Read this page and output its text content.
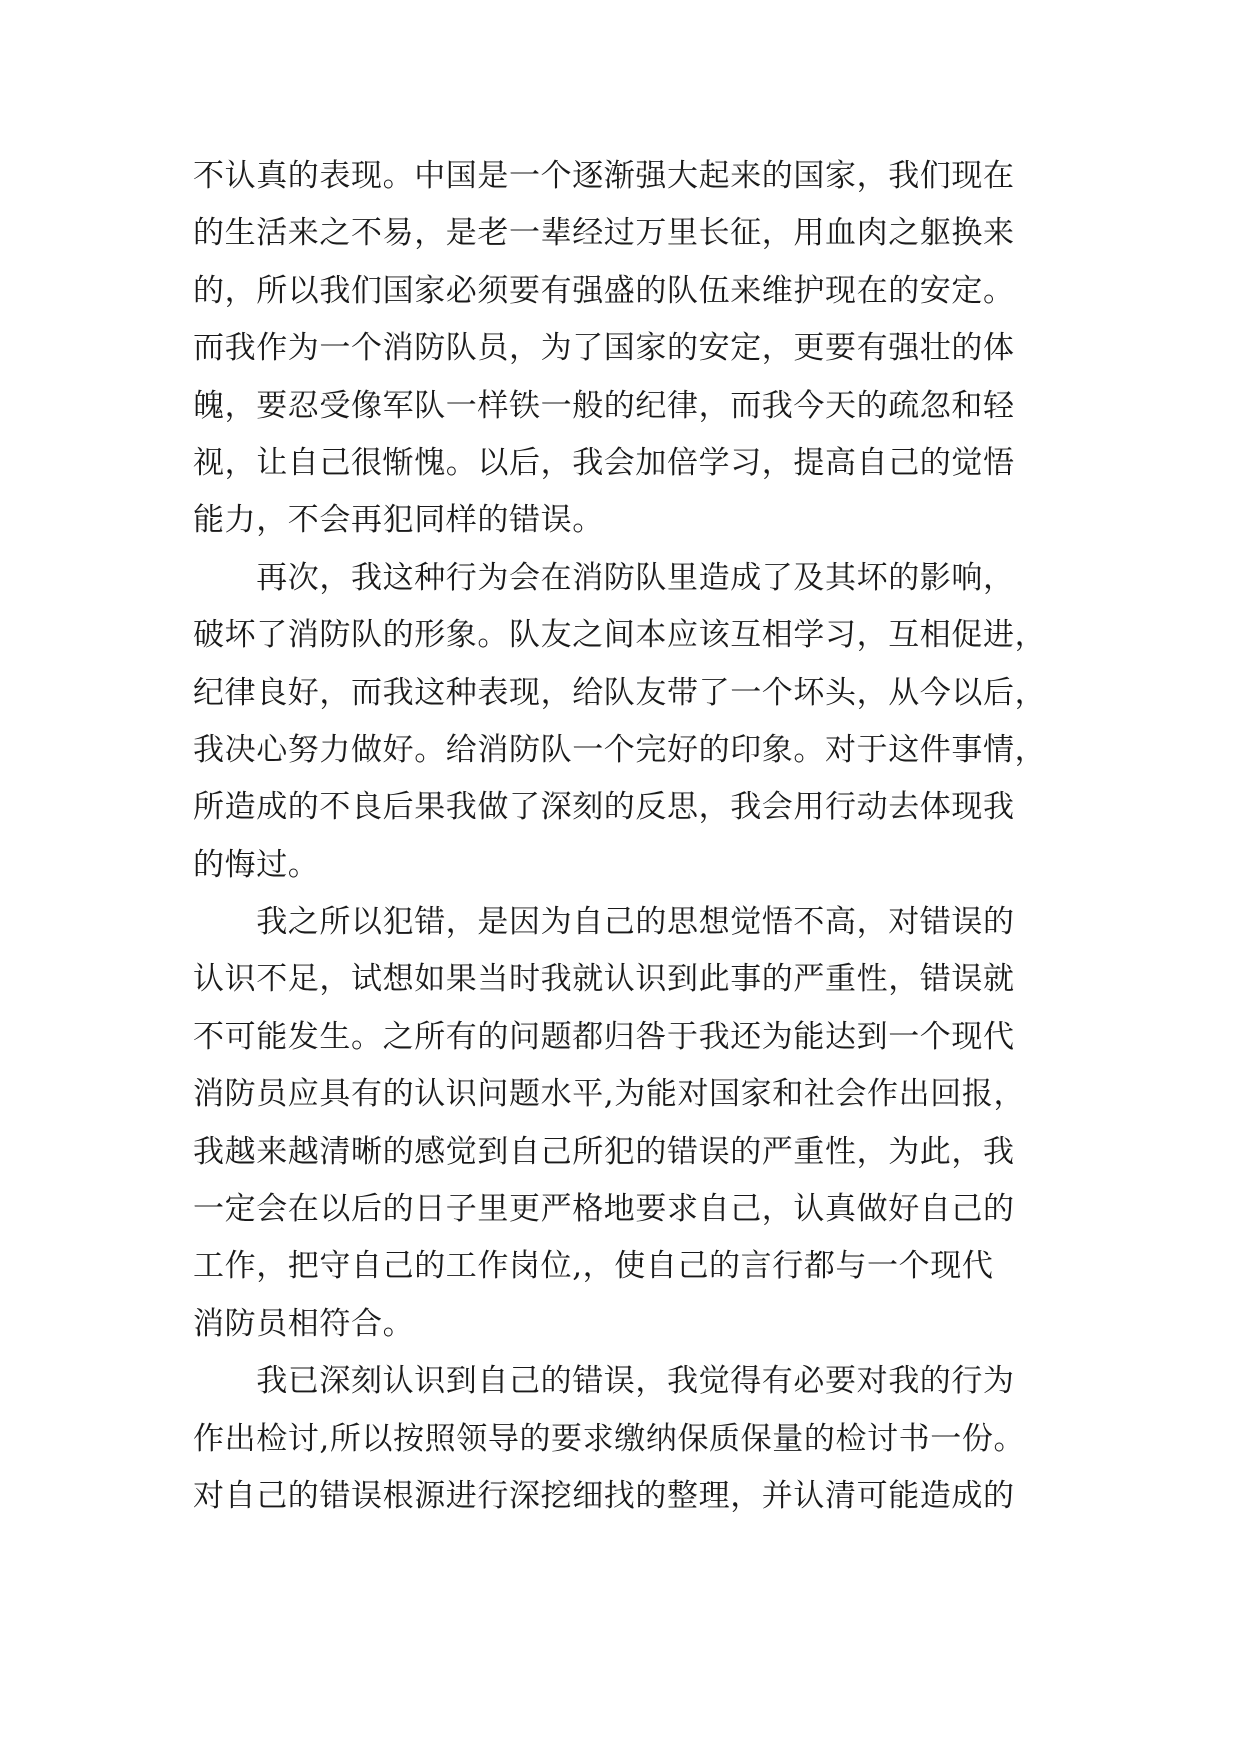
不认真的表现。中国是一个逐渐强大起来的国家，我们现在
的生活来之不易，是老一辈经过万里长征，用血肉之躯换来
的，所以我们国家必须要有强盛的队伍来维护现在的安定。
而我作为一个消防队员，为了国家的安定，更要有强壮的体
魄，要忍受像军队一样铁一般的纪律，而我今天的疏忽和轻
视，让自己很惭愧。以后，我会加倍学习，提高自己的觉悟
能力，不会再犯同样的错误。
　　再次，我这种行为会在消防队里造成了及其坏的影响，
破坏了消防队的形象。队友之间本应该互相学习，互相促进，
纪律良好，而我这种表现，给队友带了一个坏头，从今以后，
我决心努力做好。给消防队一个完好的印象。对于这件事情，
所造成的不良后果我做了深刻的反思，我会用行动去体现我
的悔过。
　　我之所以犯错，是因为自己的思想觉悟不高，对错误的
认识不足，试想如果当时我就认识到此事的严重性，错误就
不可能发生。之所有的问题都归咎于我还为能达到一个现代
消防员应具有的认识问题水平,为能对国家和社会作出回报，
我越来越清晰的感觉到自己所犯的错误的严重性，为此，我
一定会在以后的日子里更严格地要求自己，认真做好自己的
工作，把守自己的工作岗位,，使自己的言行都与一个现代
消防员相符合。
　　我已深刻认识到自己的错误，我觉得有必要对我的行为
作出检讨,所以按照领导的要求缴纳保质保量的检讨书一份。
对自己的错误根源进行深挖细找的整理，并认清可能造成的
